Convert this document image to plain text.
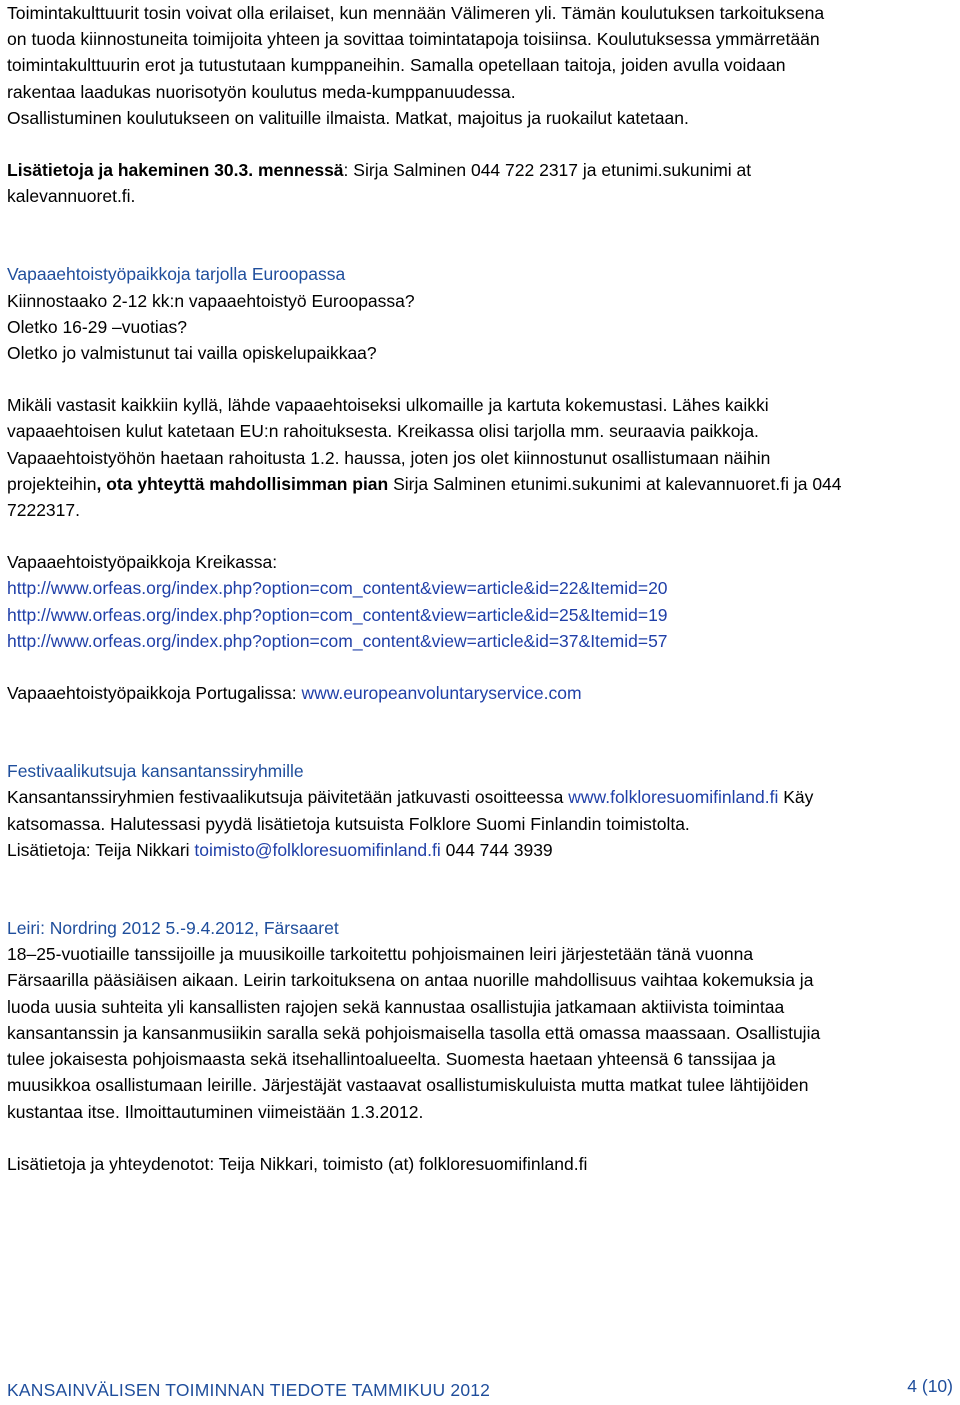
Toimintakulttuurit tosin voivat olla erilaiset, kun mennään Välimeren yli. Tämän koulutuksen tarkoituksena

on tuoda kiinnostuneita toimijoita yhteen ja sovittaa toimintatapoja toisiinsa. Koulutuksessa ymmärretään

toimintakulttuurin erot ja tutustutaan kumppaneihin. Samalla opetellaan taitoja, joiden avulla voidaan

rakentaa laadukas nuorisotyön koulutus meda-kumppanuudessa.

Osallistuminen koulutukseen on valituille ilmaista. Matkat, majoitus ja ruokailut katetaan.

Lisätietoja ja hakeminen 30.3. mennessä: Sirja Salminen 044 722 2317 ja etunimi.sukunimi at

kalevannuoret.fi.

Vapaaehtoistyöpaikkoja tarjolla Euroopassa

Kiinnostaako 2-12 kk:n vapaaehtoistyö Euroopassa?

Oletko 16-29 –vuotias?

Oletko jo valmistunut tai vailla opiskelupaikkaa?

Mikäli vastasit kaikkiin kyllä, lähde vapaaehtoiseksi ulkomaille ja kartuta kokemustasi. Lähes kaikki

vapaaehtoisen kulut katetaan EU:n rahoituksesta. Kreikassa olisi tarjolla mm. seuraavia paikkoja.

Vapaaehtoistyöhön haetaan rahoitusta 1.2. haussa, joten jos olet kiinnostunut osallistumaan näihin

projekteihin, ota yhteyttä mahdollisimman pian Sirja Salminen etunimi.sukunimi at kalevannuoret.fi ja 044

7222317.

Vapaaehtoistyöpaikkoja Kreikassa:

http://www.orfeas.org/index.php?option=com_content&view=article&id=22&Itemid=20

http://www.orfeas.org/index.php?option=com_content&view=article&id=25&Itemid=19

http://www.orfeas.org/index.php?option=com_content&view=article&id=37&Itemid=57

Vapaaehtoistyöpaikkoja Portugalissa: www.europeanvoluntaryservice.com

Festivaalikutsuja kansantanssiryhmille

Kansantanssiryhmien festivaalikutsuja päivitetään jatkuvasti osoitteessa www.folkloresuomifinland.fi Käy

katsomassa. Halutessasi pyydä lisätietoja kutsuista Folklore Suomi Finlandin toimistolta.

Lisätietoja: Teija Nikkari toimisto@folkloresuomifinland.fi 044 744 3939

Leiri: Nordring 2012 5.-9.4.2012, Färsaaret

18–25-vuotiaille tanssijoille ja muusikoille tarkoitettu pohjoismainen leiri järjestetään tänä vuonna

Färsaarilla pääsiäisen aikaan. Leirin tarkoituksena on antaa nuorille mahdollisuus vaihtaa kokemuksia ja

luoda uusia suhteita yli kansallisten rajojen sekä kannustaa osallistujia jatkamaan aktiivista toimintaa

kansantanssin ja kansanmusiikin saralla sekä pohjoismaisella tasolla että omassa maassaan. Osallistujia

tulee jokaisesta pohjoismaasta sekä itsehallintoalueelta. Suomesta haetaan yhteensä 6 tanssijaa ja

muusikkoa osallistumaan leirille. Järjestäjät vastaavat osallistumiskuluista mutta matkat tulee lähtijöiden

kustantaa itse. Ilmoittautuminen viimeistään 1.3.2012.

Lisätietoja ja yhteydenotot: Teija Nikkari, toimisto (at) folkloresuomifinland.fi

KANSAINVÄLISEN TOIMINNAN TIEDOTE TAMMIKUU 2012	4 (10)
